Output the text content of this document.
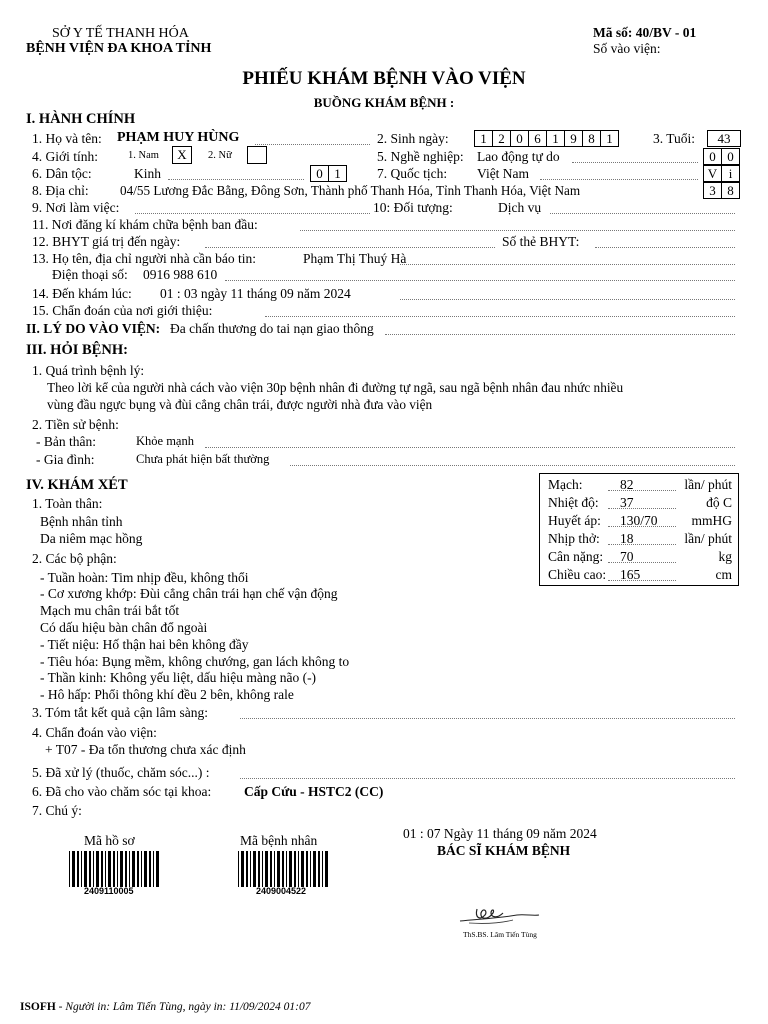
SỞ Y TẾ THANH HÓA
BỆNH VIỆN ĐA KHOA TỈNH
Mã số: 40/BV - 01
Số vào viện:
PHIẾU KHÁM BỆNH VÀO VIỆN
BUỒNG KHÁM BỆNH :
I. HÀNH CHÍNH
1. Họ và tên: PHẠM HUY HÙNG	2. Sinh ngày:	1 2 0 6 1 9 8 1	3. Tuổi:	43
4. Giới tính:	1. Nam	X	2. Nữ	5. Nghề nghiệp: Lao động tự do	0 0
6. Dân tộc:	Kinh	0 1	7. Quốc tịch: Việt Nam	V i
8. Địa chỉ: 04/55 Lương Đắc Bằng, Đông Sơn, Thành phố Thanh Hóa, Tỉnh Thanh Hóa, Việt Nam	3 8
9. Nơi làm việc:	10: Đối tượng:	Dịch vụ
11. Nơi đăng kí khám chữa bệnh ban đầu:
12. BHYT giá trị đến ngày:	Số thẻ BHYT:
13. Họ tên, địa chỉ người nhà cần báo tin:	Phạm Thị Thuý Hà
Điện thoại số: 0916 988 610
14. Đến khám lúc: 01 : 03 ngày 11 tháng 09 năm 2024
15. Chẩn đoán của nơi giới thiệu:
II. LÝ DO VÀO VIỆN: Đa chấn thương do tai nạn giao thông
III. HỎI BỆNH:
1. Quá trình bệnh lý:
Theo lời kể của người nhà cách vào viện 30p bệnh nhân đi đường tự ngã, sau ngã bệnh nhân đau nhức nhiều
vùng đầu ngực bụng và đùi cẳng chân trái, được người nhà đưa vào viện
2. Tiền sử bệnh:
- Bản thân:	Khỏe mạnh
- Gia đình:	Chưa phát hiện bất thường
IV. KHÁM XÉT
1. Toàn thân:
Bệnh nhân tỉnh
Da niêm mạc hồng
2. Các bộ phận:
- Tuần hoàn: Tim nhịp đều, không thổi
- Cơ xương khớp: Đùi cẳng chân trái hạn chế vận động
Mạch mu chân trái bắt tốt
Có dấu hiệu bàn chân đổ ngoài
- Tiết niệu: Hố thận hai bên không đầy
- Tiêu hóa: Bụng mềm, không chướng, gan lách không to
- Thần kinh: Không yếu liệt, dấu hiệu màng não (-)
- Hô hấp: Phổi thông khí đều 2 bên, không rale
3. Tóm tắt kết quả cận lâm sàng:
4. Chẩn đoán vào viện:
+ T07 - Đa tổn thương chưa xác định
5. Đã xử lý (thuốc, chăm sóc...) :
6. Đã cho vào chăm sóc tại khoa: Cấp Cứu - HSTC2 (CC)
7. Chú ý:
Mạch:	82	lần/ phút
Nhiệt độ: 37	độ C
Huyết áp: 130/70	mmHG
Nhịp thở: 18	lần/ phút
Cân nặng: 70	kg
Chiều cao: 165	cm
Mã hồ sơ
2409110005
Mã bệnh nhân
2409004522
01 : 07 Ngày 11 tháng 09 năm 2024
BÁC SĨ KHÁM BỆNH
ThS.BS. Lâm Tiến Tùng
ISOFH - Người in: Lâm Tiến Tùng, ngày in: 11/09/2024 01:07
